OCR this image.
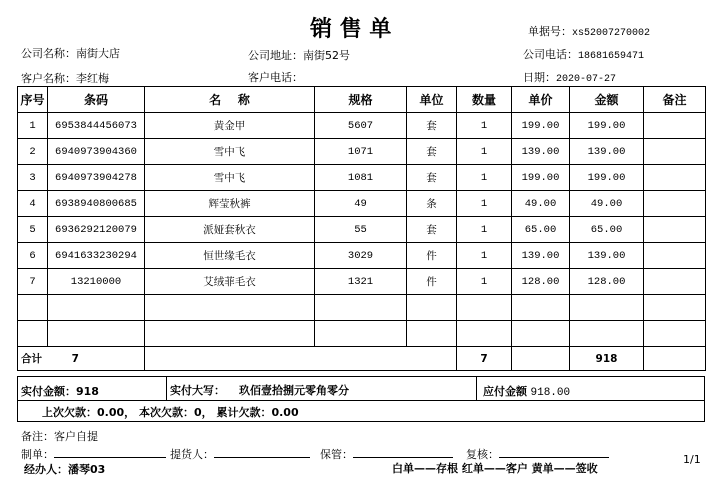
销 售 单	单据号：xs52007270002
公司名称：南街大店	公司地址：南街52号	公司电话：18681659471
客户名称：李红梅	客户电话：	日期：2020-07-27
序号	条码	名    称	规格	单位	数量	单价	金额	备注
1	6953844456073	黄金甲	5607	套	1	199.00	199.00	
2	6940973904360	雪中飞	1071	套	1	139.00	139.00	
3	6940973904278	雪中飞	1081	套	1	199.00	199.00	
4	6938940800685	辉莹秋裤	49	条	1	49.00	49.00	
5	6936292120079	派娅套秋衣	55	套	1	65.00	65.00	
6	6941633230294	恒世缘毛衣	3029	件	1	139.00	139.00	
7	13210000	艾绒菲毛衣	1321	件	1	128.00	128.00	

合计 7					7		918	
实付金额：918	实付大写： 玖佰壹拾捌元零角零分	应付金额 918.00
上次欠款：0.00， 本次欠款：0， 累计欠款：0.00
备注：客户自提
制单：	提货人：	保管：	复核：
经办人：潘琴03	白单——存根 红单——客户 黄单——签收
1/1
